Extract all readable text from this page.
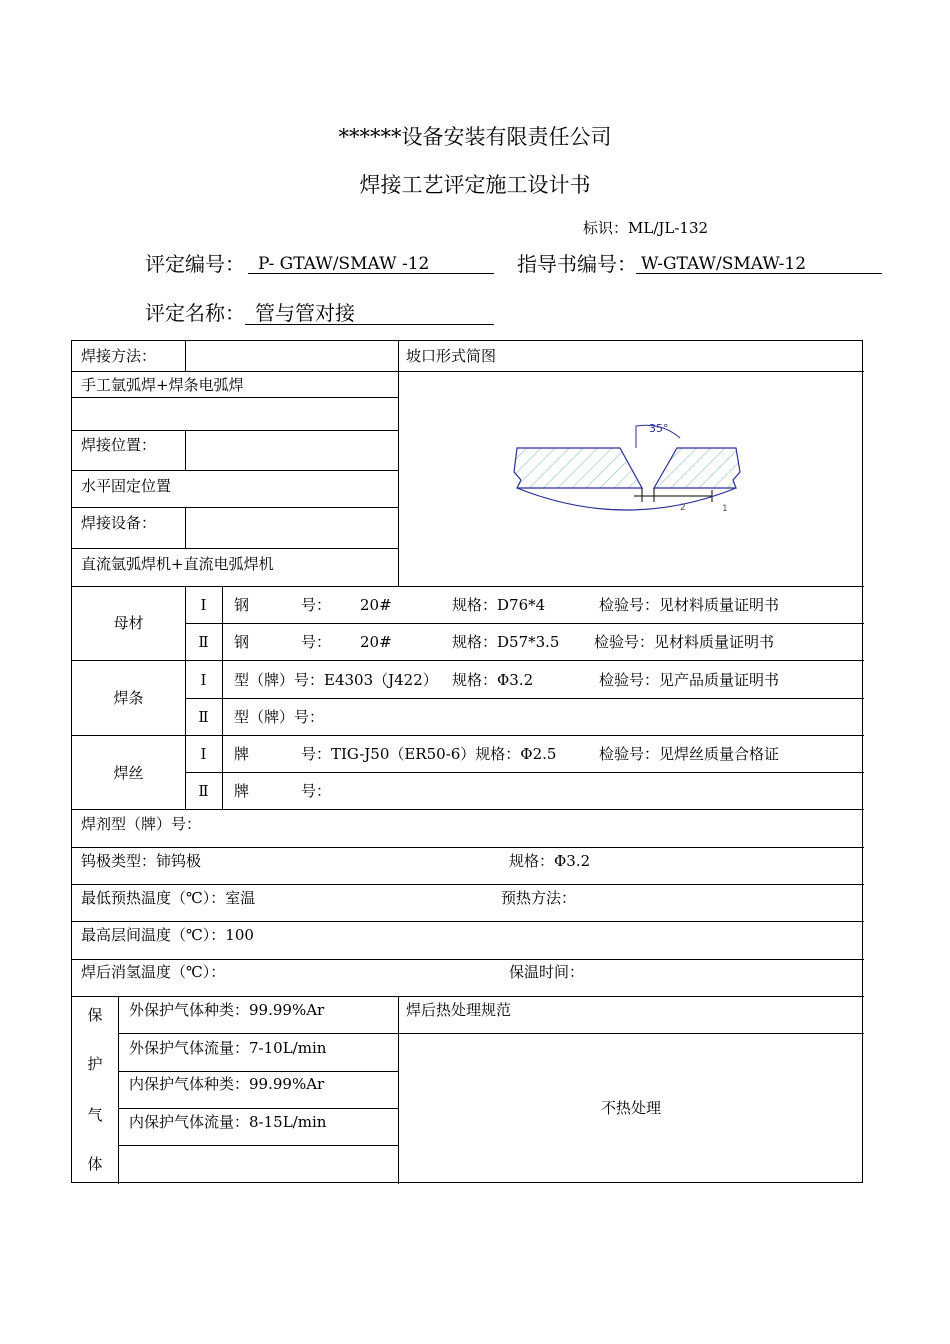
******设备安装有限责任公司
焊接工艺评定施工设计书
标识：ML/JL-132
评定编号： P- GTAW/SMAW -12	指导书编号： W-GTAW/SMAW-12
评定名称： 管与管对接
焊接方法：	坡口形式简图
手工氩弧焊+焊条电弧焊
焊接位置：
水平固定位置
焊接设备：
直流氩弧焊机+直流电弧焊机
35°
2	1
母材
Ⅰ	钢	号： 20#	规格：D76*4	检验号：见材料质量证明书
Ⅱ	钢	号： 20#	规格：D57*3.5 检验号：见材料质量证明书
焊条
Ⅰ	型（牌）号：E4303（J422） 规格：Φ3.2	检验号：见产品质量证明书
Ⅱ	型（牌）号：
焊丝
Ⅰ	牌	号：TIG-J50（ER50-6）规格：Φ2.5	检验号：见焊丝质量合格证
Ⅱ	牌	号：
焊剂型（牌）号：
钨极类型：铈钨极	规格：Φ3.2
最低预热温度（℃）：室温	预热方法：
最高层间温度（℃）：100
焊后消氢温度（℃）：	保温时间：
保
护
气
体
外保护气体种类：99.99%Ar
外保护气体流量：7-10L/min
内保护气体种类：99.99%Ar
内保护气体流量：8-15L/min
焊后热处理规范
不热处理
